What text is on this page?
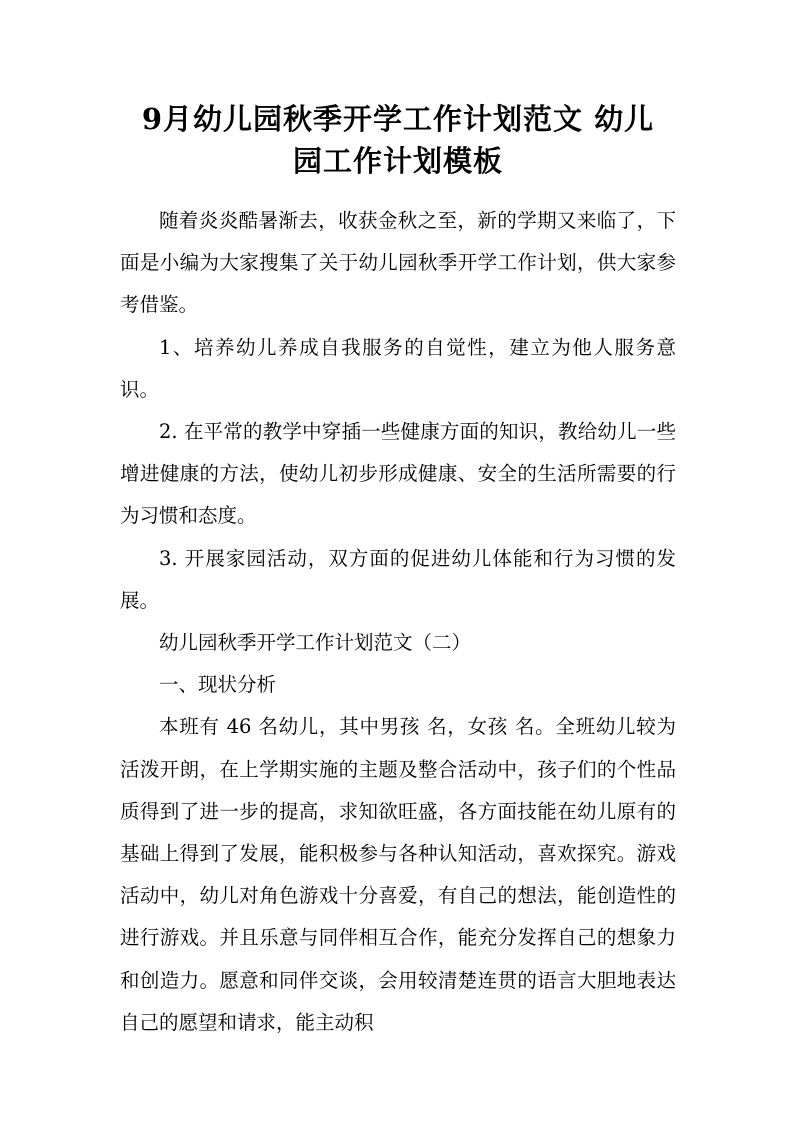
9月幼儿园秋季开学工作计划范文 幼儿
园工作计划模板

随着炎炎酷暑渐去，收获金秋之至，新的学期又来临了，下面是小编为大家搜集了关于幼儿园秋季开学工作计划，供大家参考借鉴。

1、培养幼儿养成自我服务的自觉性，建立为他人服务意识。

2. 在平常的教学中穿插一些健康方面的知识，教给幼儿一些增进健康的方法，使幼儿初步形成健康、安全的生活所需要的行为习惯和态度。

3. 开展家园活动，双方面的促进幼儿体能和行为习惯的发展。

幼儿园秋季开学工作计划范文（二）

一、现状分析

本班有 46 名幼儿，其中男孩 名，女孩 名。全班幼儿较为活泼开朗，在上学期实施的主题及整合活动中，孩子们的个性品质得到了进一步的提高，求知欲旺盛，各方面技能在幼儿原有的基础上得到了发展，能积极参与各种认知活动，喜欢探究。游戏活动中，幼儿对角色游戏十分喜爱，有自己的想法，能创造性的进行游戏。并且乐意与同伴相互合作，能充分发挥自己的想象力和创造力。愿意和同伴交谈，会用较清楚连贯的语言大胆地表达自己的愿望和请求，能主动积
